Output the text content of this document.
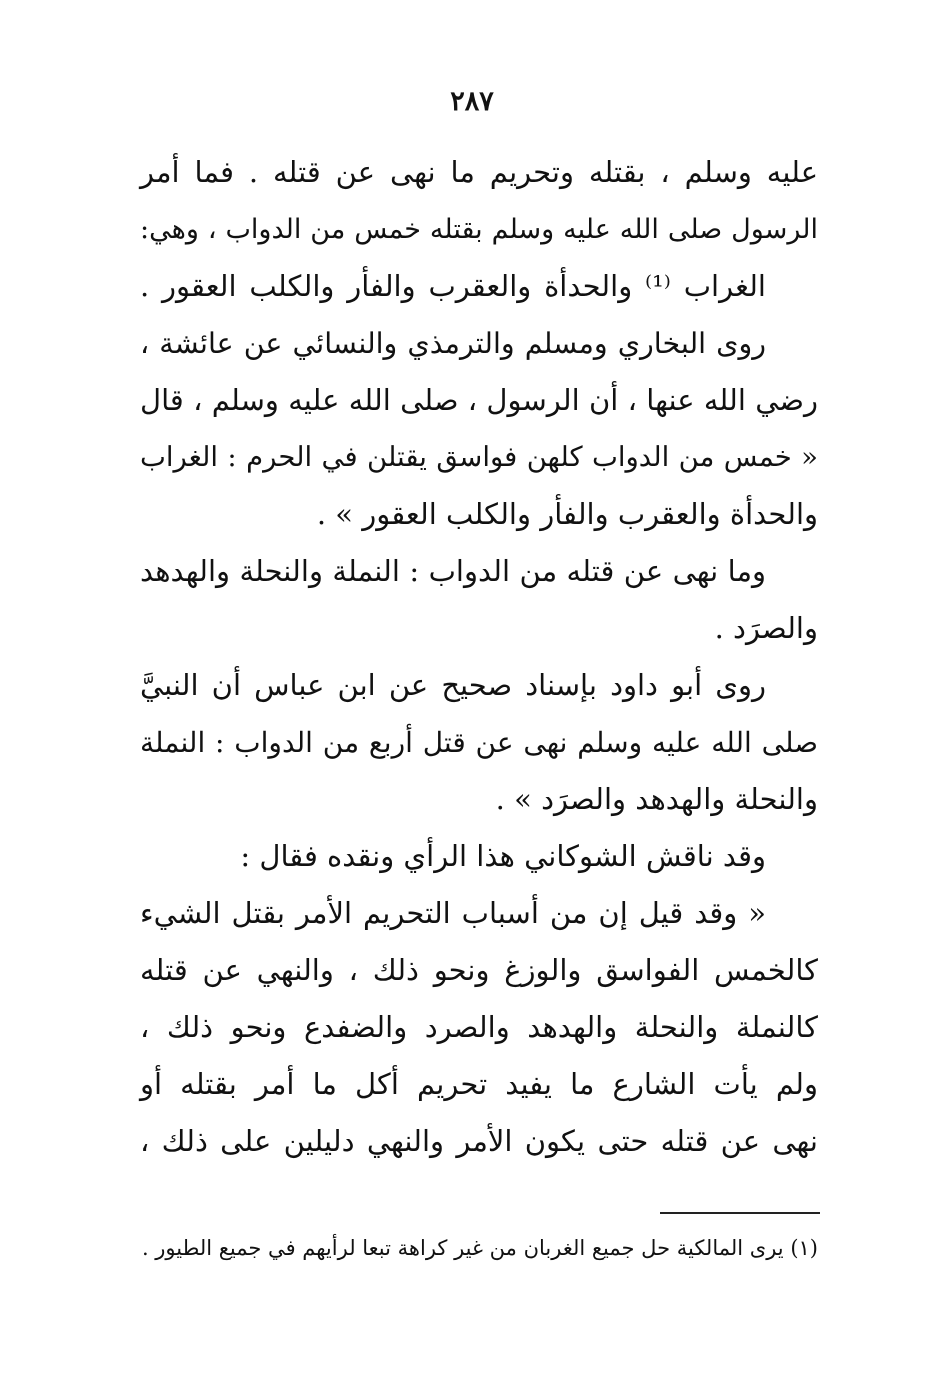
٢٨٧
عليه وسلم ، بقتله وتحريم ما نهى عن قتله . فما أمر
الرسول صلى الله عليه وسلم بقتله خمس من الدواب ، وهي:
الغراب ⁽¹⁾ والحدأة والعقرب والفأر والكلب العقور .
روى البخاري ومسلم والترمذي والنسائي عن عائشة ،
رضي الله عنها ، أن الرسول ، صلى الله عليه وسلم ، قال
« خمس من الدواب كلهن فواسق يقتلن في الحرم : الغراب
والحدأة والعقرب والفأر والكلب العقور » .
وما نهى عن قتله من الدواب : النملة والنحلة والهدهد
والصرَد .
روى أبو داود بإسناد صحيح عن ابن عباس أن النبيَّ
صلى الله عليه وسلم نهى عن قتل أربع من الدواب : النملة
والنحلة والهدهد والصرَد » .
وقد ناقش الشوكاني هذا الرأي ونقده فقال :
« وقد قيل إن من أسباب التحريم الأمر بقتل الشيء
كالخمس الفواسق والوزغ ونحو ذلك ، والنهي عن قتله
كالنملة والنحلة والهدهد والصرد والضفدع ونحو ذلك ،
ولم يأت الشارع ما يفيد تحريم أكل ما أمر بقتله أو
نهى عن قتله حتى يكون الأمر والنهي دليلين على ذلك ،
(١) يرى المالكية حل جميع الغربان من غير كراهة تبعا لرأيهم في جميع الطيور .
